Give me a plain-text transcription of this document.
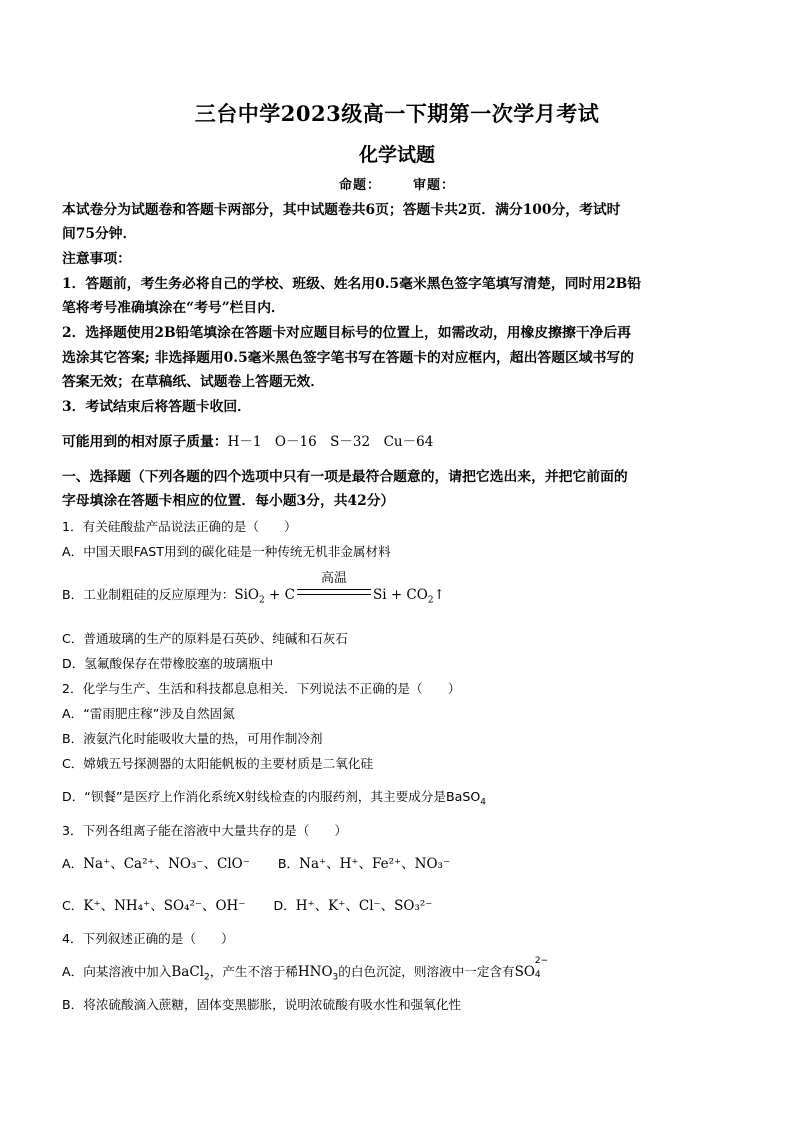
三台中学2023级高一下期第一次学月考试
化学试题
命题： 审题：
本试卷分为试题卷和答题卡两部分，其中试题卷共6页；答题卡共2页．满分100分，考试时
间75分钟．
注意事项：
1．答题前，考生务必将自己的学校、班级、姓名用0.5毫米黑色签字笔填写清楚，同时用2B铅
笔将考号准确填涂在“考号”栏目内．
2．选择题使用2B铅笔填涂在答题卡对应题目标号的位置上，如需改动，用橡皮擦擦干净后再
选涂其它答案; 非选择题用0.5毫米黑色签字笔书写在答题卡的对应框内，超出答题区域书写的
答案无效；在草稿纸、试题卷上答题无效．
3．考试结束后将答题卡收回．
可能用到的相对原子质量：H－1　O－16　S－32　Cu－64
一、选择题（下列各题的四个选项中只有一项是最符合题意的，请把它选出来，并把它前面的
字母填涂在答题卡相应的位置．每小题3分，共42分）
1．有关硅酸盐产品说法正确的是（　　）
A．中国天眼FAST用到的碳化硅是一种传统无机非金属材料
B．工业制粗硅的反应原理为：SiO$_2$ + C
高温
$Si + CO_2↑$
C．普通玻璃的生产的原料是石英砂、纯碱和石灰石
D．氢氟酸保存在带橡胶塞的玻璃瓶中
2．化学与生产、生活和科技都息息相关．下列说法不正确的是（　　）
A．“雷雨肥庄稼”涉及自然固氮
B．液氨汽化时能吸收大量的热，可用作制冷剂
C．嫦娥五号探测器的太阳能帆板的主要材质是二氧化硅
D．“钡餐”是医疗上作消化系统X射线检查的内服药剂，其主要成分是BaSO$_4$
3．下列各组离子能在溶液中大量共存的是（　　）
A．Na⁺、Ca²⁺、NO₃⁻、ClO⁻ B．Na⁺、H⁺、Fe²⁺、NO₃⁻
C．K⁺、NH₄⁺、SO₄²⁻、OH⁻ D．H⁺、K⁺、Cl⁻、SO₃²⁻
4．下列叙述正确的是（　　）
A．向某溶液中加入BaCl$_2$，产生不溶于稀$HNO_3$的白色沉淀，则溶液中一定含有SO
2−
4

B．将浓硫酸滴入蔗糖，固体变黑膨胀，说明浓硫酸有吸水性和强氧化性
